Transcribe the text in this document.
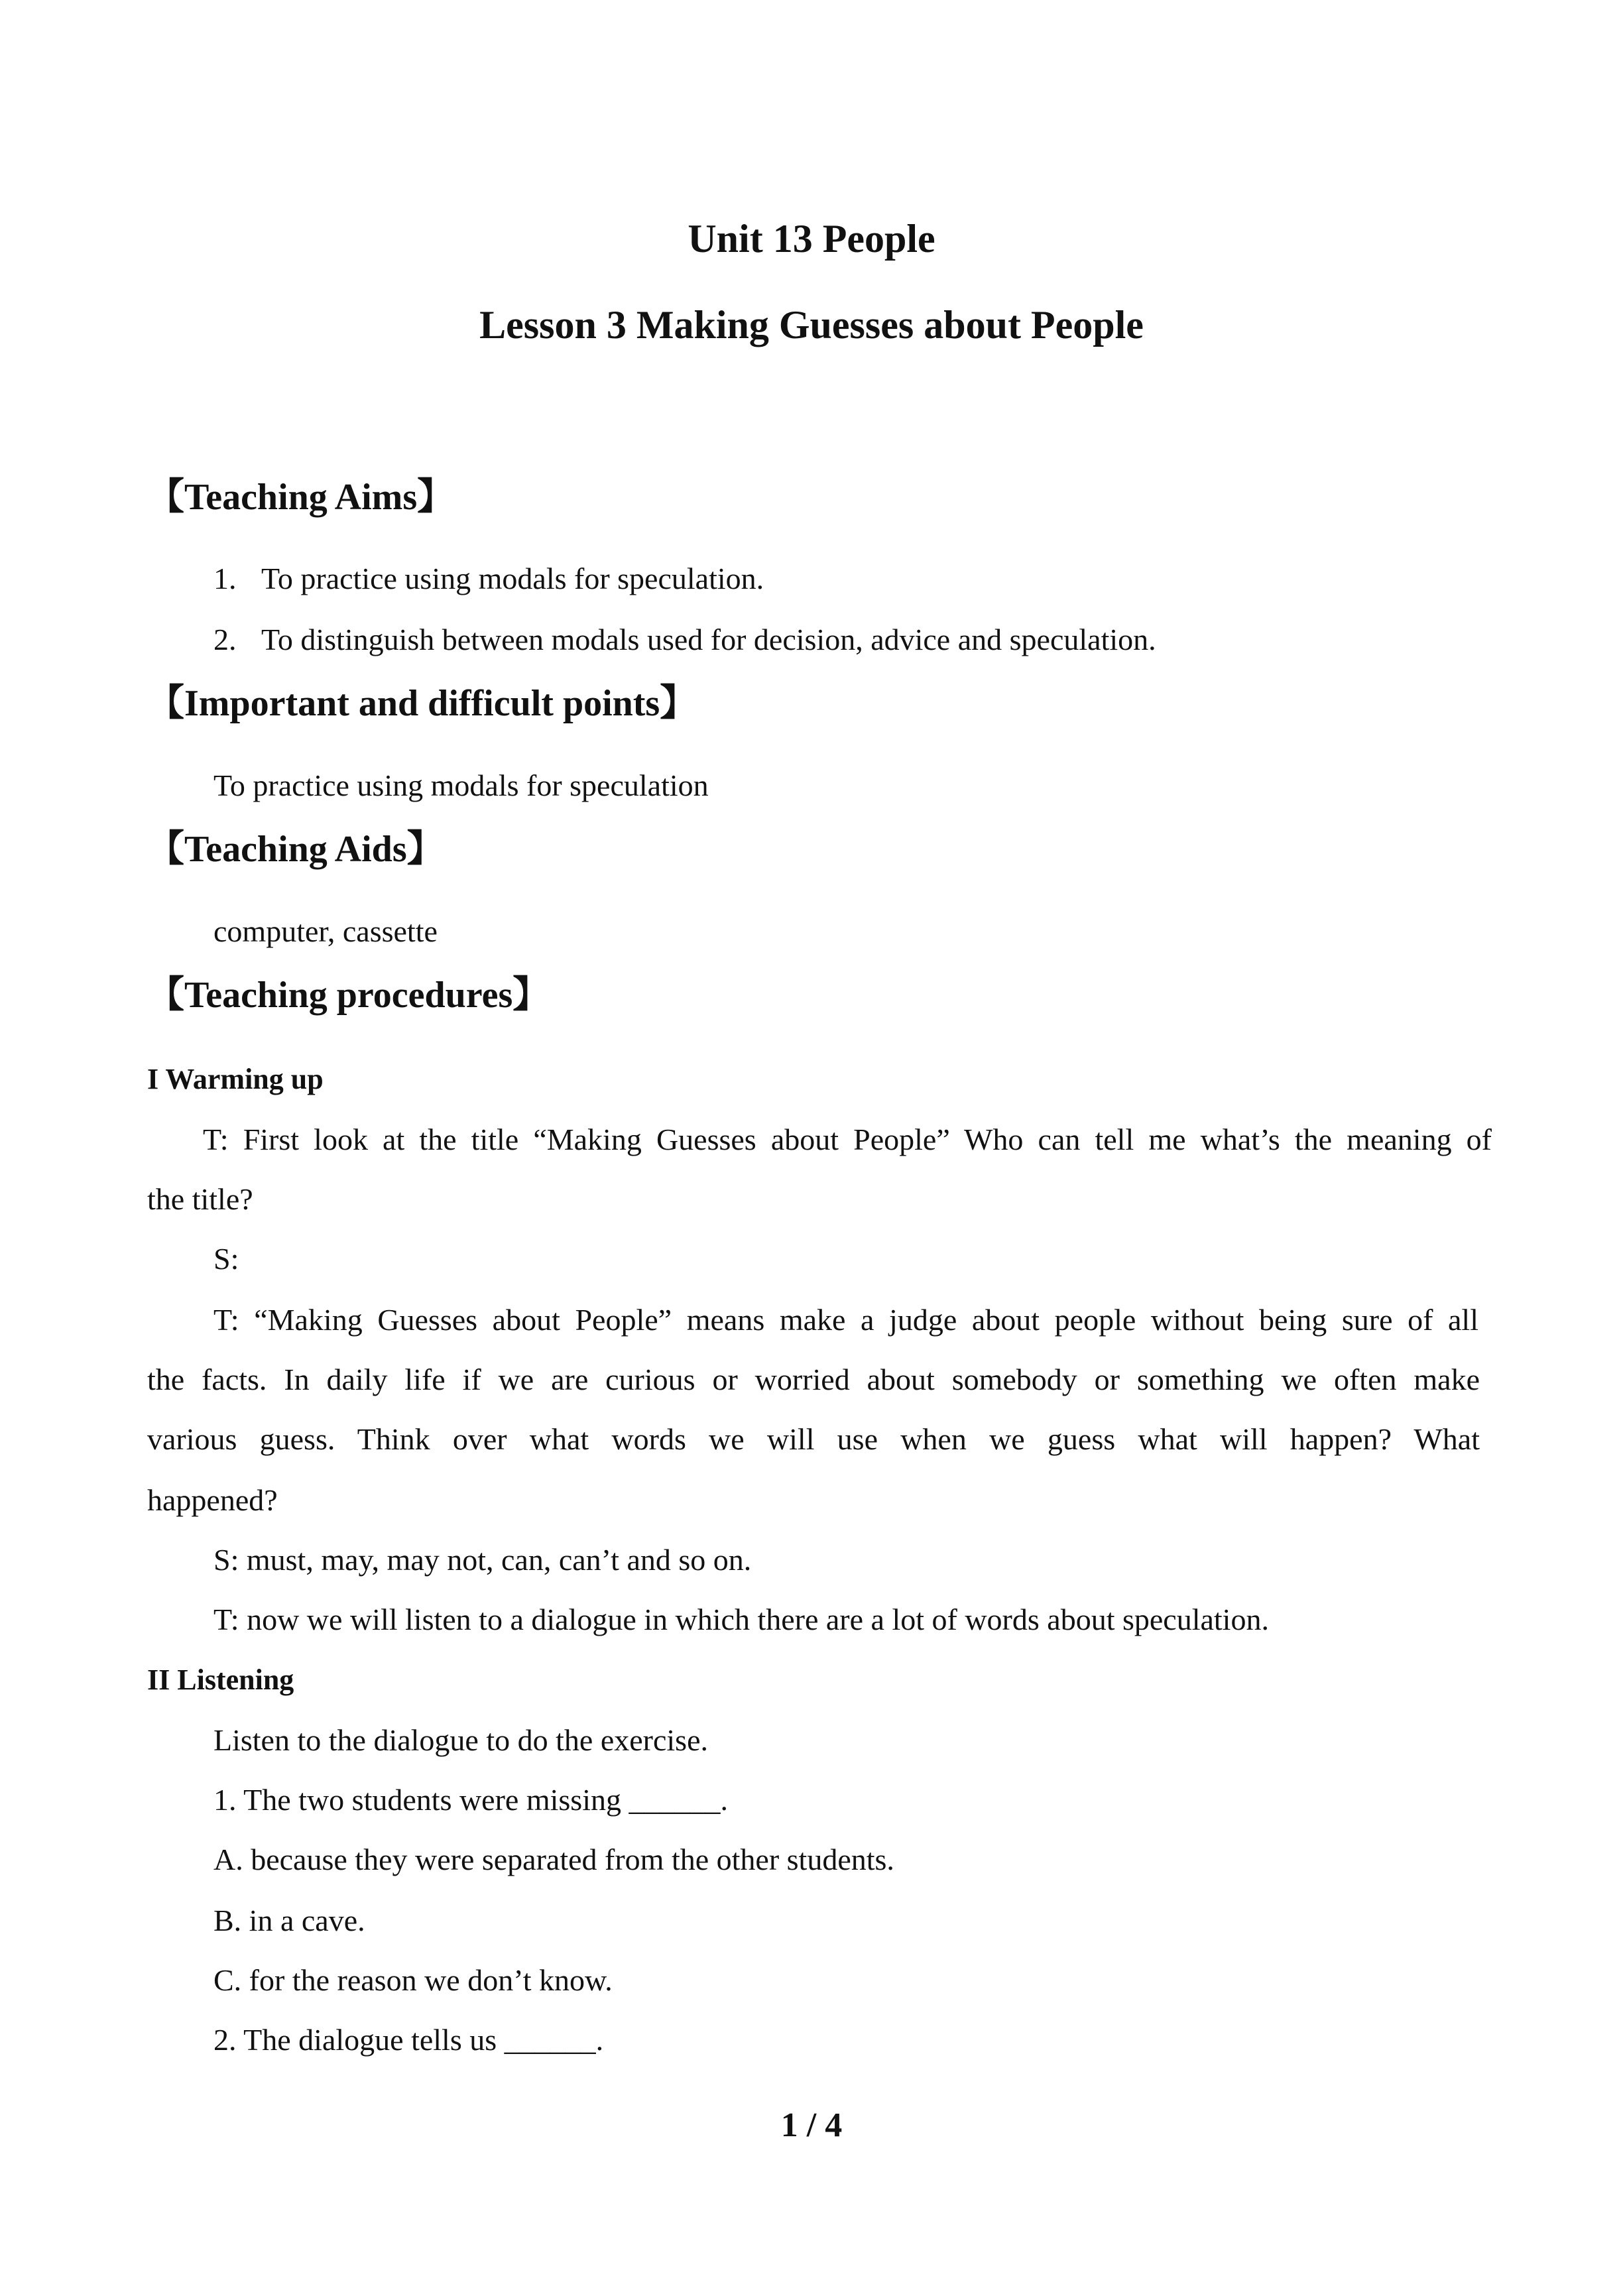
Unit 13 People
Lesson 3 Making Guesses about People
【Teaching Aims】

1. To practice using modals for speculation.

2. To distinguish between modals used for decision, advice and speculation.

【Important and difficult points】

To practice using modals for speculation

【Teaching Aids】

computer, cassette

【Teaching procedures】
I Warming up

T: First look at the title “Making Guesses about People” Who can tell me what’s the meaning of

the title?

S:

T: “Making Guesses about People” means make a judge about people without being sure of all

the facts. In daily life if we are curious or worried about somebody or something we often make

various guess. Think over what words we will use when we guess what will happen? What

happened?

S: must, may, may not, can, can’t and so on.

T: now we will listen to a dialogue in which there are a lot of words about speculation.

II Listening

Listen to the dialogue to do the exercise.

1. The two students were missing ______.

A. because they were separated from the other students.

B. in a cave.

C. for the reason we don’t know.

2. The dialogue tells us ______.

1 / 4
